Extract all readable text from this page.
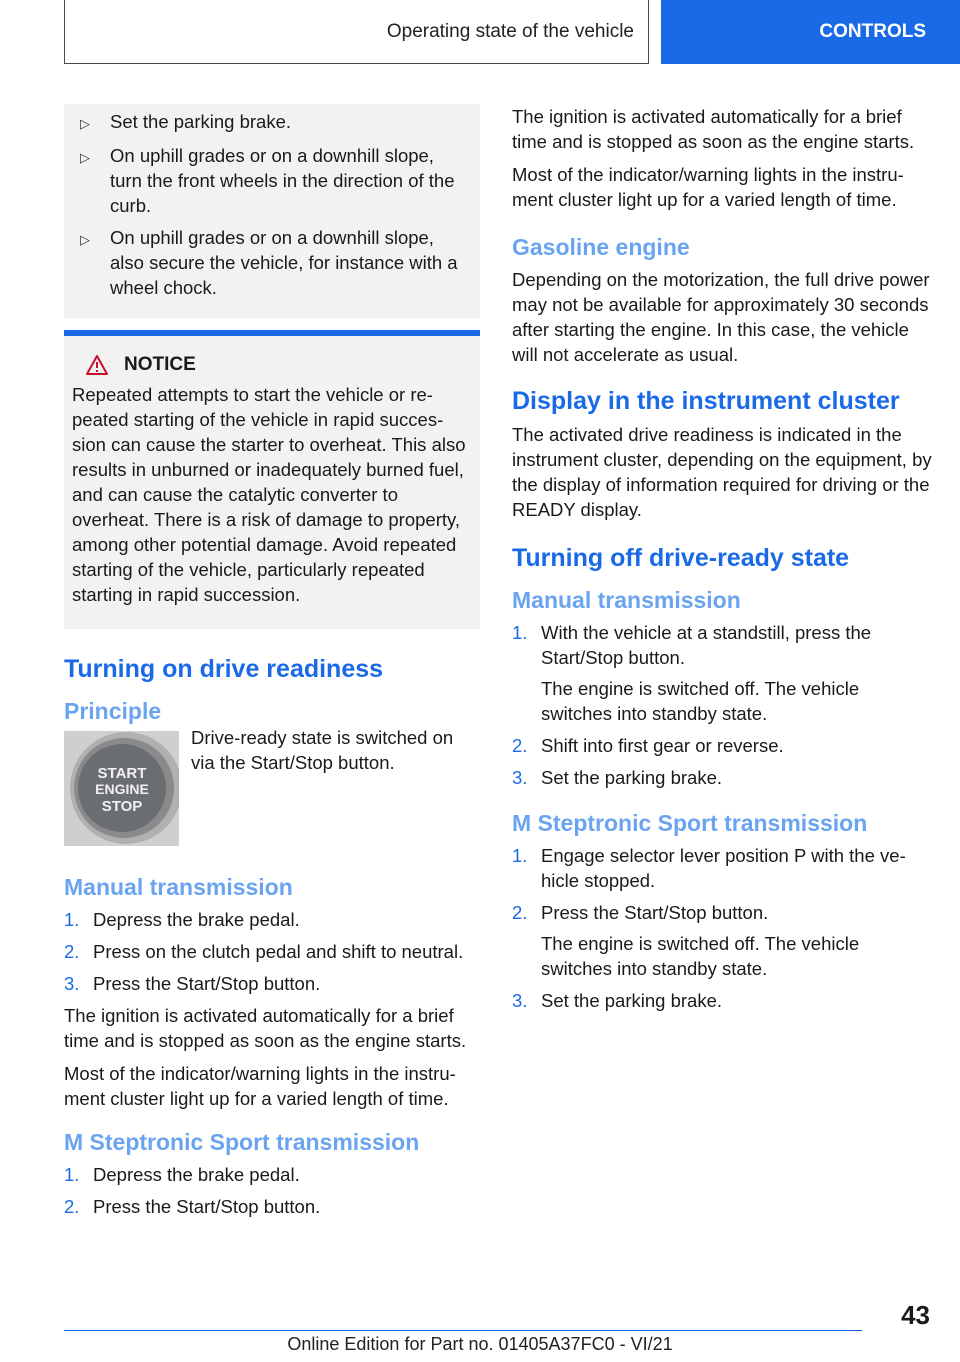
Operating state of the vehicle	CONTROLS
▷	Set the parking brake.
▷	On uphill grades or on a downhill slope, turn the front wheels in the direction of the curb.
▷	On uphill grades or on a downhill slope, also secure the vehicle, for instance with a wheel chock.
NOTICE
Repeated attempts to start the vehicle or re-peated starting of the vehicle in rapid succes-sion can cause the starter to overheat. This also results in unburned or inadequately burned fuel, and can cause the catalytic converter to overheat. There is a risk of damage to property, among other potential damage. Avoid repeated starting of the vehicle, particularly repeated starting in rapid succession.
Turning on drive readiness
Principle
START
ENGINE
STOP
Drive-ready state is switched on via the Start/Stop button.
Manual transmission
1. Depress the brake pedal.
2. Press on the clutch pedal and shift to neutral.
3. Press the Start/Stop button.
The ignition is activated automatically for a brief time and is stopped as soon as the engine starts.
Most of the indicator/warning lights in the instru-ment cluster light up for a varied length of time.
M Steptronic Sport transmission
1. Depress the brake pedal.
2. Press the Start/Stop button.
The ignition is activated automatically for a brief time and is stopped as soon as the engine starts.
Most of the indicator/warning lights in the instru-ment cluster light up for a varied length of time.
Gasoline engine
Depending on the motorization, the full drive power may not be available for approximately 30 seconds after starting the engine. In this case, the vehicle will not accelerate as usual.
Display in the instrument cluster
The activated drive readiness is indicated in the instrument cluster, depending on the equipment, by the display of information required for driving or the READY display.
Turning off drive-ready state
Manual transmission
1. With the vehicle at a standstill, press the Start/Stop button.
The engine is switched off. The vehicle switches into standby state.
2. Shift into first gear or reverse.
3. Set the parking brake.
M Steptronic Sport transmission
1. Engage selector lever position P with the ve-hicle stopped.
2. Press the Start/Stop button.
The engine is switched off. The vehicle switches into standby state.
3. Set the parking brake.
43
Online Edition for Part no. 01405A37FC0 - VI/21
